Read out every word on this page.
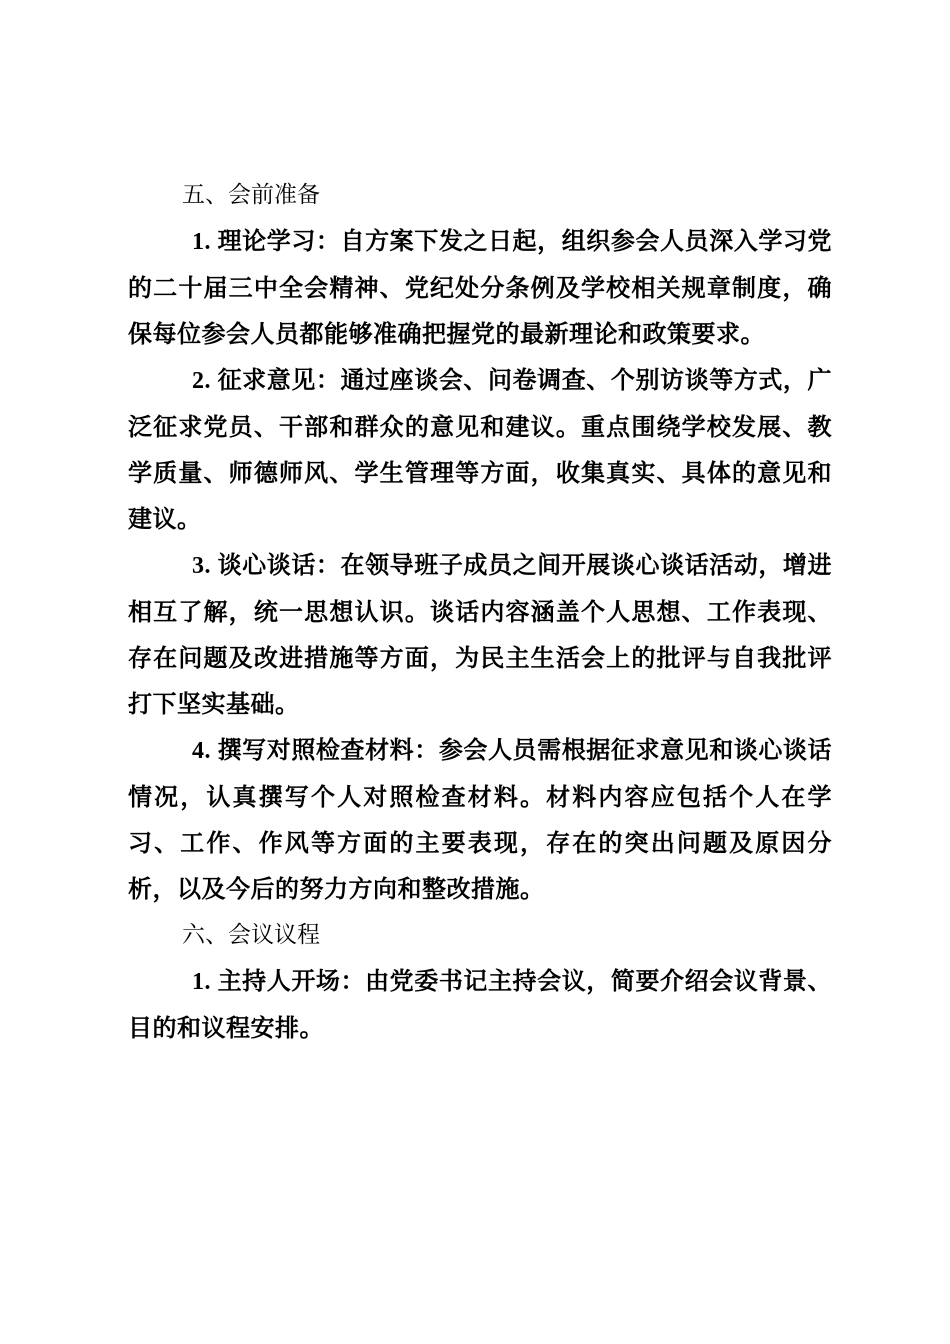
五、会前准备

1. 理论学习：自方案下发之日起，组织参会人员深入学习党的二十届三中全会精神、党纪处分条例及学校相关规章制度，确保每位参会人员都能够准确把握党的最新理论和政策要求。

2. 征求意见：通过座谈会、问卷调查、个别访谈等方式，广泛征求党员、干部和群众的意见和建议。重点围绕学校发展、教学质量、师德师风、学生管理等方面，收集真实、具体的意见和建议。

3. 谈心谈话：在领导班子成员之间开展谈心谈话活动，增进相互了解，统一思想认识。谈话内容涵盖个人思想、工作表现、存在问题及改进措施等方面，为民主生活会上的批评与自我批评打下坚实基础。

4. 撰写对照检查材料：参会人员需根据征求意见和谈心谈话情况，认真撰写个人对照检查材料。材料内容应包括个人在学习、工作、作风等方面的主要表现，存在的突出问题及原因分析，以及今后的努力方向和整改措施。

六、会议议程

1. 主持人开场：由党委书记主持会议，简要介绍会议背景、目的和议程安排。
